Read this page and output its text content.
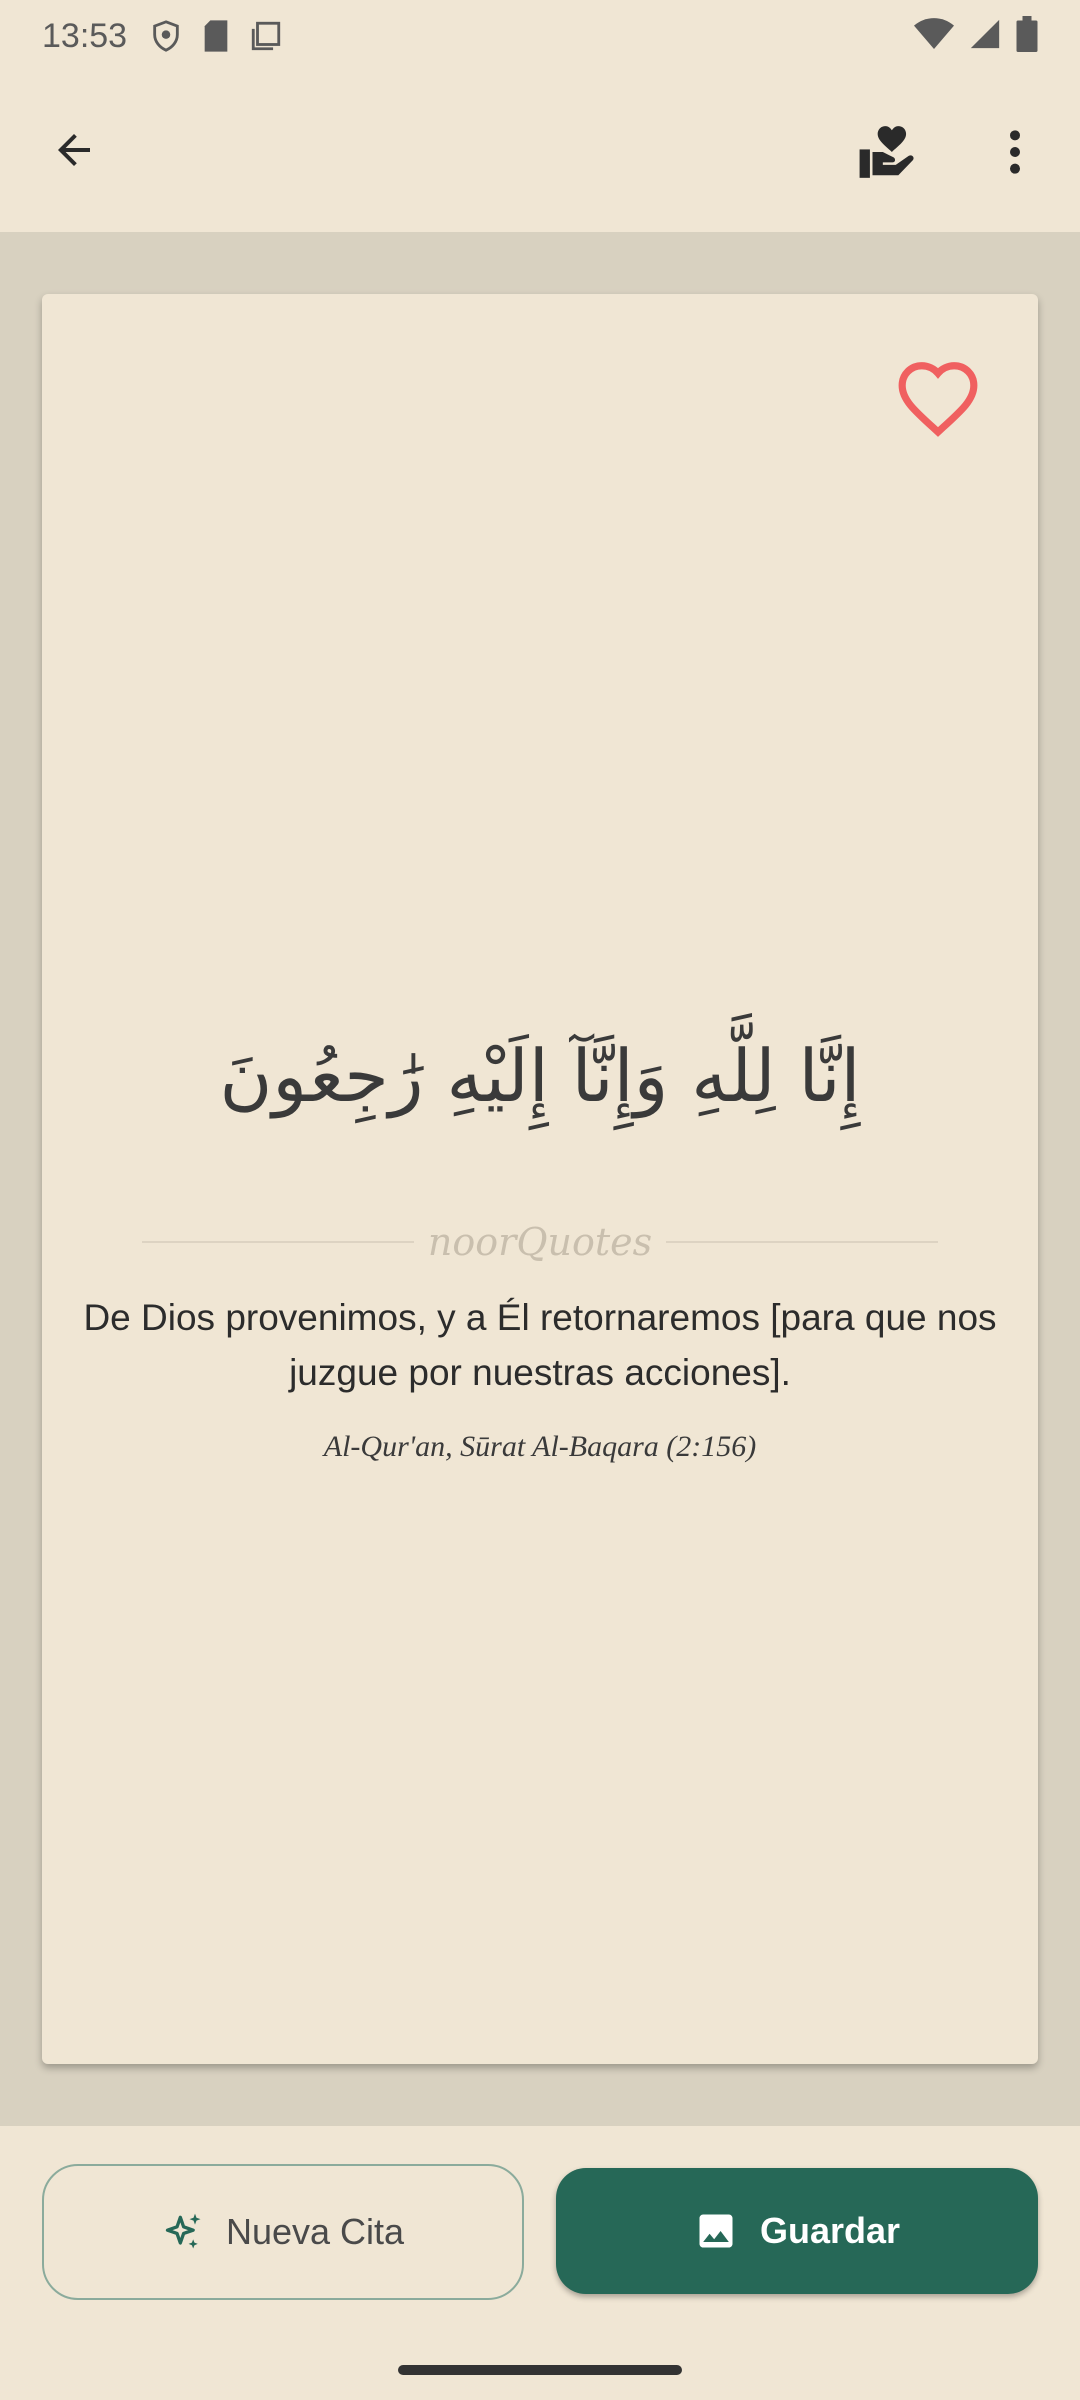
13:53
إِنَّا لِلَّهِ وَإِنَّآ إِلَيْهِ رَٰجِعُونَ
noorQuotes
De Dios provenimos, y a Él retornaremos [para que nos juzgue por nuestras acciones].
Al-Qur'an, Sūrat Al-Baqara (2:156)
Nueva Cita	Guardar
